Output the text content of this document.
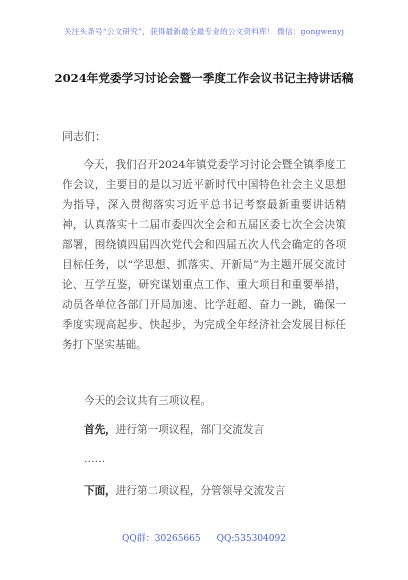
关注头条号“公文研究”，获得最新最全最专业的公文资料库！ 微信：gongwenyj
2024年党委学习讨论会暨一季度工作会议书记主持讲话稿
同志们：
今天，我们召开2024年镇党委学习讨论会暨全镇季度工作会议，主要目的是以习近平新时代中国特色社会主义思想为指导，深入贯彻落实习近平总书记考察最新重要讲话精神，认真落实十二届市委四次全会和五届区委七次全会决策部署，围绕镇四届四次党代会和四届五次人代会确定的各项目标任务，以“学思想、抓落实、开新局”为主题开展交流讨论、互学互鉴，研究谋划重点工作、重大项目和重要举措，动员各单位各部门开局加速、比学赶超、奋力一跳，确保一季度实现高起步、快起步，为完成全年经济社会发展目标任务打下坚实基础。
今天的会议共有三项议程。
首先，进行第一项议程，部门交流发言
……
下面，进行第二项议程，分管领导交流发言
QQ群：30265665 QQ:535304092
